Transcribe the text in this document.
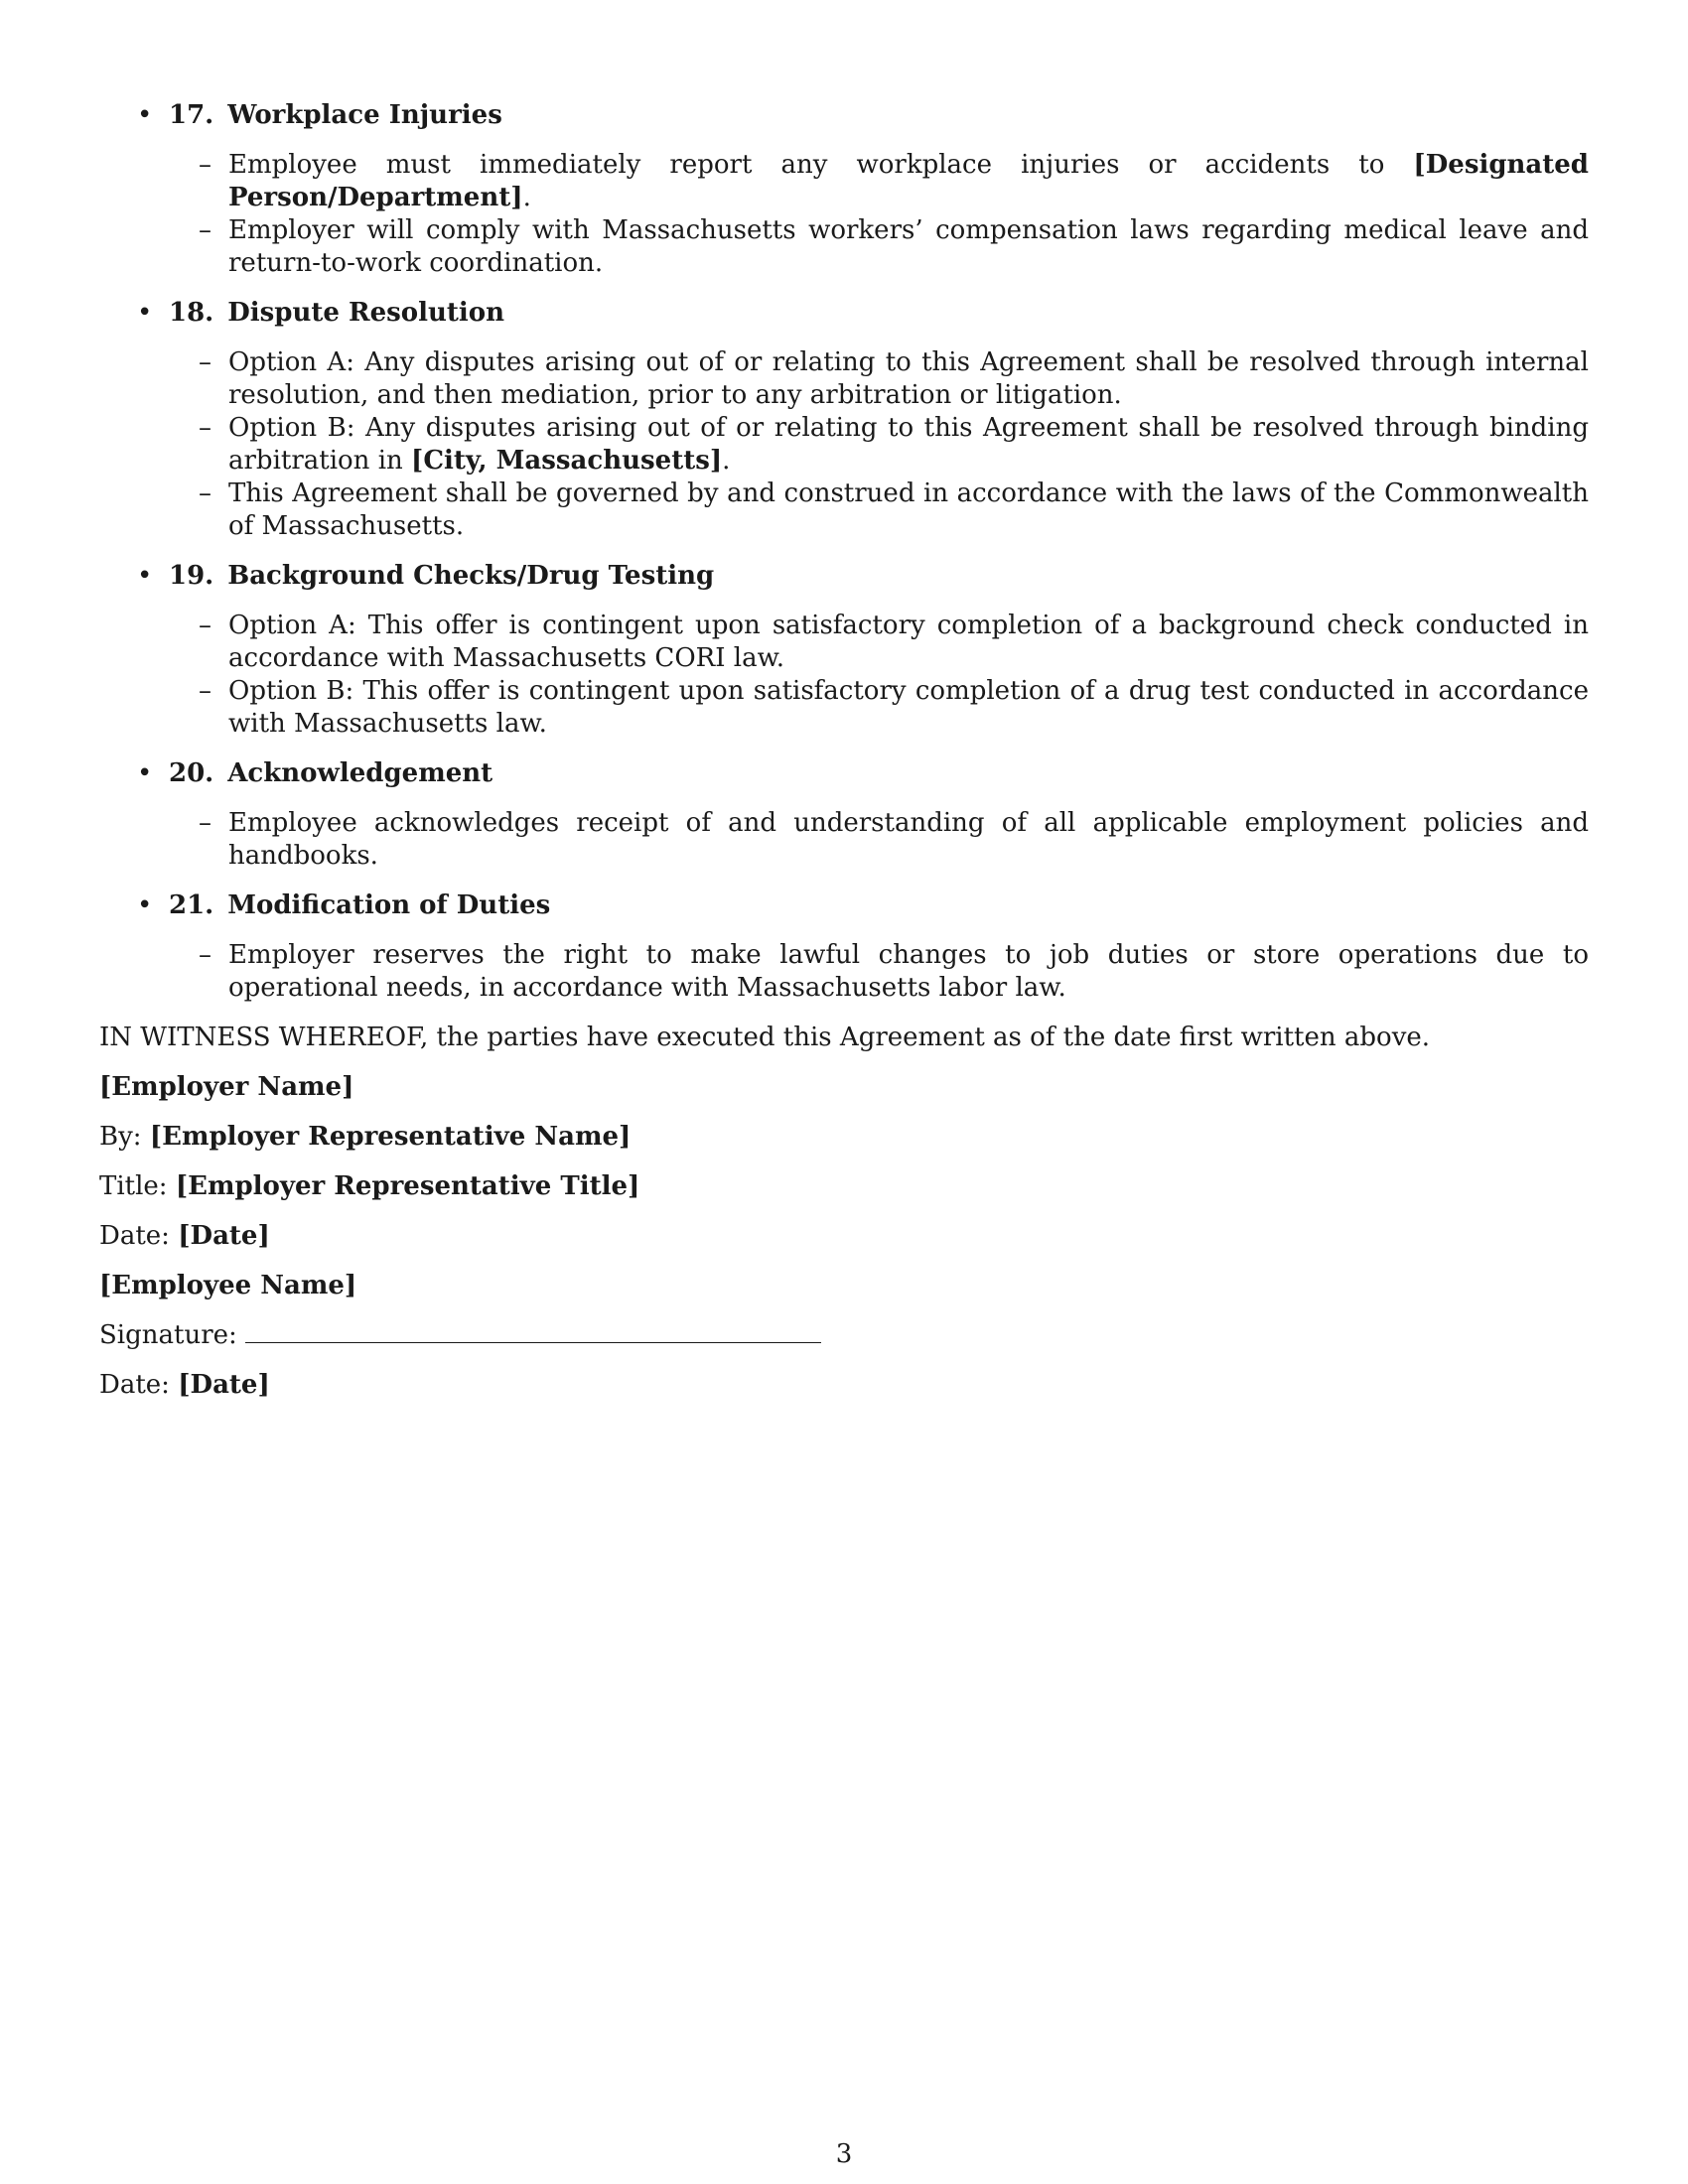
• 17. Workplace Injuries
– Employee must immediately report any workplace injuries or accidents to [Designated Person/Department].
– Employer will comply with Massachusetts workers’ compensation laws regarding medical leave and return-to-work coordination.
• 18. Dispute Resolution
– Option A: Any disputes arising out of or relating to this Agreement shall be resolved through internal resolution, and then mediation, prior to any arbitration or litigation.
– Option B: Any disputes arising out of or relating to this Agreement shall be resolved through binding arbitration in [City, Massachusetts].
– This Agreement shall be governed by and construed in accordance with the laws of the Commonwealth of Massachusetts.
• 19. Background Checks/Drug Testing
– Option A: This offer is contingent upon satisfactory completion of a background check conducted in accordance with Massachusetts CORI law.
– Option B: This offer is contingent upon satisfactory completion of a drug test conducted in accordance with Massachusetts law.
• 20. Acknowledgement
– Employee acknowledges receipt of and understanding of all applicable employment policies and handbooks.
• 21. Modification of Duties
– Employer reserves the right to make lawful changes to job duties or store operations due to operational needs, in accordance with Massachusetts labor law.
IN WITNESS WHEREOF, the parties have executed this Agreement as of the date first written above.
[Employer Name]
By: [Employer Representative Name]
Title: [Employer Representative Title]
Date: [Date]
[Employee Name]
Signature:
Date: [Date]
3
